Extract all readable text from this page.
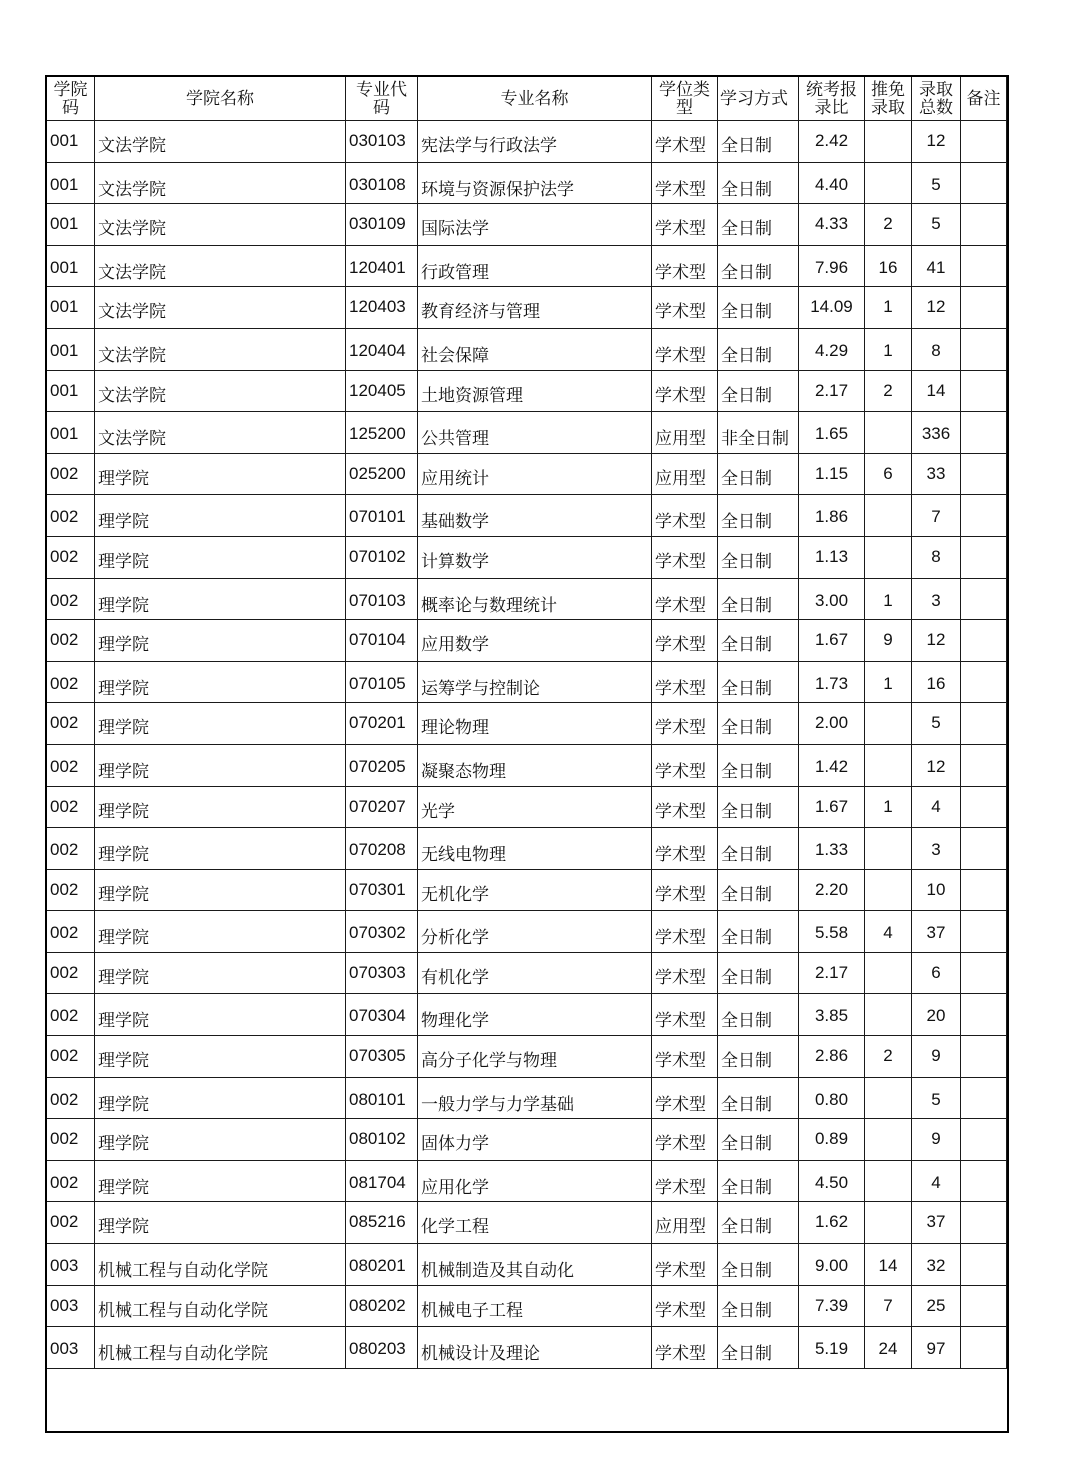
学院码	学院名称	专业代码	专业名称	学位类型	学习方式	统考报录比	推免录取	录取总数	备注
001	文法学院	030103	宪法学与行政法学	学术型	全日制	2.42		12	
001	文法学院	030108	环境与资源保护法学	学术型	全日制	4.40		5	
001	文法学院	030109	国际法学	学术型	全日制	4.33	2	5	
001	文法学院	120401	行政管理	学术型	全日制	7.96	16	41	
001	文法学院	120403	教育经济与管理	学术型	全日制	14.09	1	12	
001	文法学院	120404	社会保障	学术型	全日制	4.29	1	8	
001	文法学院	120405	土地资源管理	学术型	全日制	2.17	2	14	
001	文法学院	125200	公共管理	应用型	非全日制	1.65		336	
002	理学院	025200	应用统计	应用型	全日制	1.15	6	33	
002	理学院	070101	基础数学	学术型	全日制	1.86		7	
002	理学院	070102	计算数学	学术型	全日制	1.13		8	
002	理学院	070103	概率论与数理统计	学术型	全日制	3.00	1	3	
002	理学院	070104	应用数学	学术型	全日制	1.67	9	12	
002	理学院	070105	运筹学与控制论	学术型	全日制	1.73	1	16	
002	理学院	070201	理论物理	学术型	全日制	2.00		5	
002	理学院	070205	凝聚态物理	学术型	全日制	1.42		12	
002	理学院	070207	光学	学术型	全日制	1.67	1	4	
002	理学院	070208	无线电物理	学术型	全日制	1.33		3	
002	理学院	070301	无机化学	学术型	全日制	2.20		10	
002	理学院	070302	分析化学	学术型	全日制	5.58	4	37	
002	理学院	070303	有机化学	学术型	全日制	2.17		6	
002	理学院	070304	物理化学	学术型	全日制	3.85		20	
002	理学院	070305	高分子化学与物理	学术型	全日制	2.86	2	9	
002	理学院	080101	一般力学与力学基础	学术型	全日制	0.80		5	
002	理学院	080102	固体力学	学术型	全日制	0.89		9	
002	理学院	081704	应用化学	学术型	全日制	4.50		4	
002	理学院	085216	化学工程	应用型	全日制	1.62		37	
003	机械工程与自动化学院	080201	机械制造及其自动化	学术型	全日制	9.00	14	32	
003	机械工程与自动化学院	080202	机械电子工程	学术型	全日制	7.39	7	25	
003	机械工程与自动化学院	080203	机械设计及理论	学术型	全日制	5.19	24	97	
